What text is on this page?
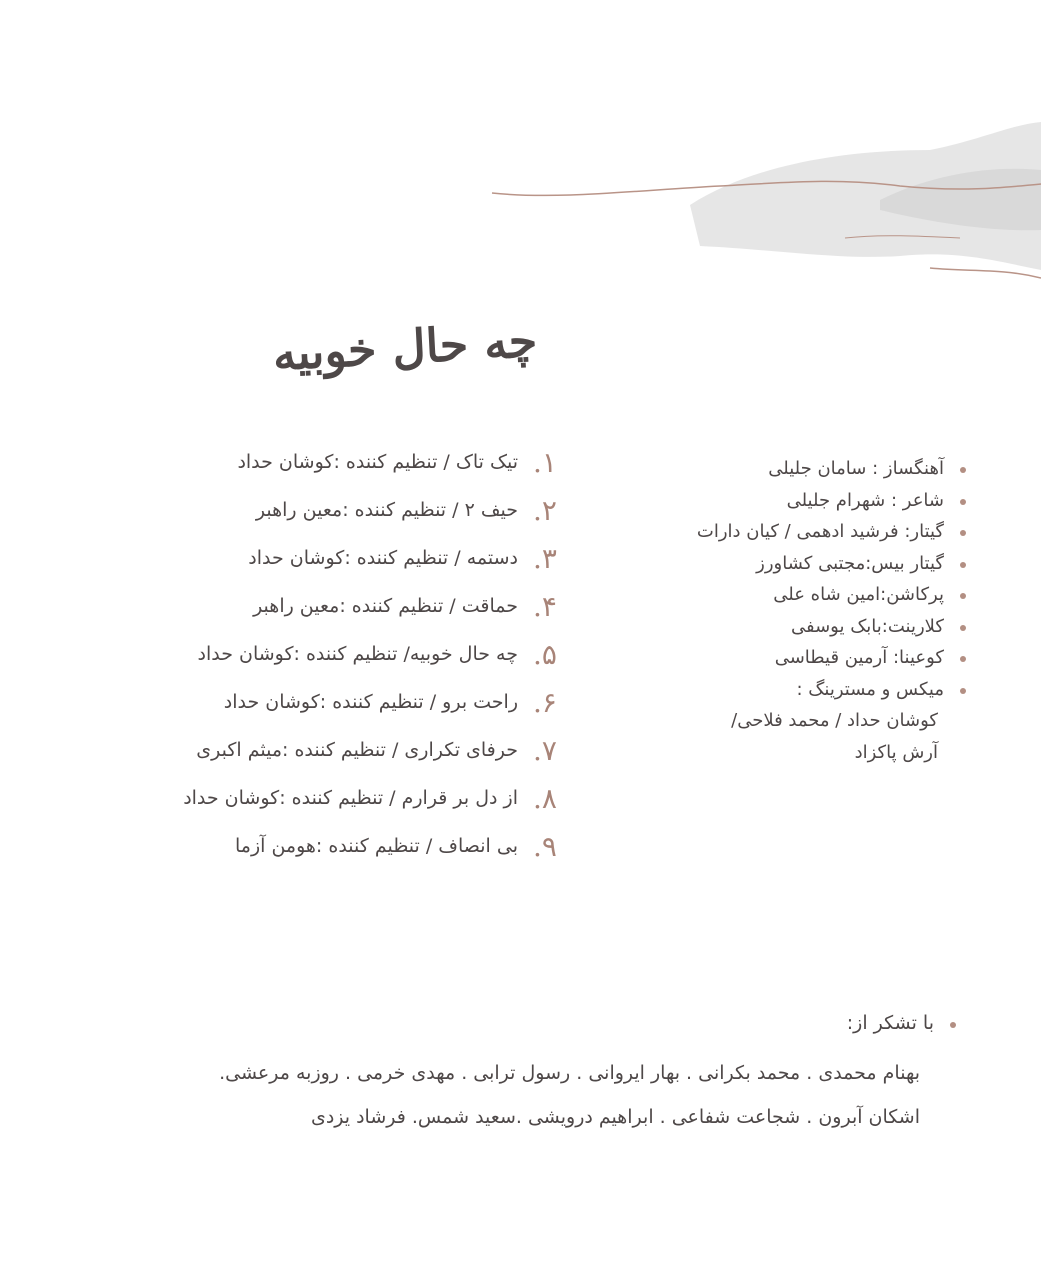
چه حال خوبیه
۱.
تیک تاک / تنظیم کننده :کوشان حداد
۲.
حیف ۲ / تنظیم کننده :معین راهبر
۳.
دستمه / تنظیم کننده :کوشان حداد
۴.
حماقت / تنظیم کننده :معین راهبر
۵.
چه حال خوبیه/ تنظیم کننده :کوشان حداد
۶.
راحت برو / تنظیم کننده :کوشان حداد
۷.
حرفای تکراری / تنظیم کننده :میثم اکبری
۸.
از دل بر قرارم / تنظیم کننده :کوشان حداد
۹.
بی انصاف / تنظیم کننده :هومن آزما
آهنگساز : سامان جلیلی
شاعر : شهرام جلیلی
گیتار: فرشید ادهمی / کیان دارات
گیتار بیس:مجتبی کشاورز
پرکاشن:امین شاه علی
کلارینت:بابک یوسفی
کوعینا: آرمین قیطاسی
میکس و مسترینگ :
کوشان حداد / محمد فلاحی/
آرش پاکزاد
با تشکر از:
بهنام محمدی . محمد بکرانی . بهار ایروانی . رسول ترابی . مهدی خرمی . روزبه مرعشی.
اشکان آبرون . شجاعت شفاعی . ابراهیم درویشی .سعید شمس. فرشاد یزدی
